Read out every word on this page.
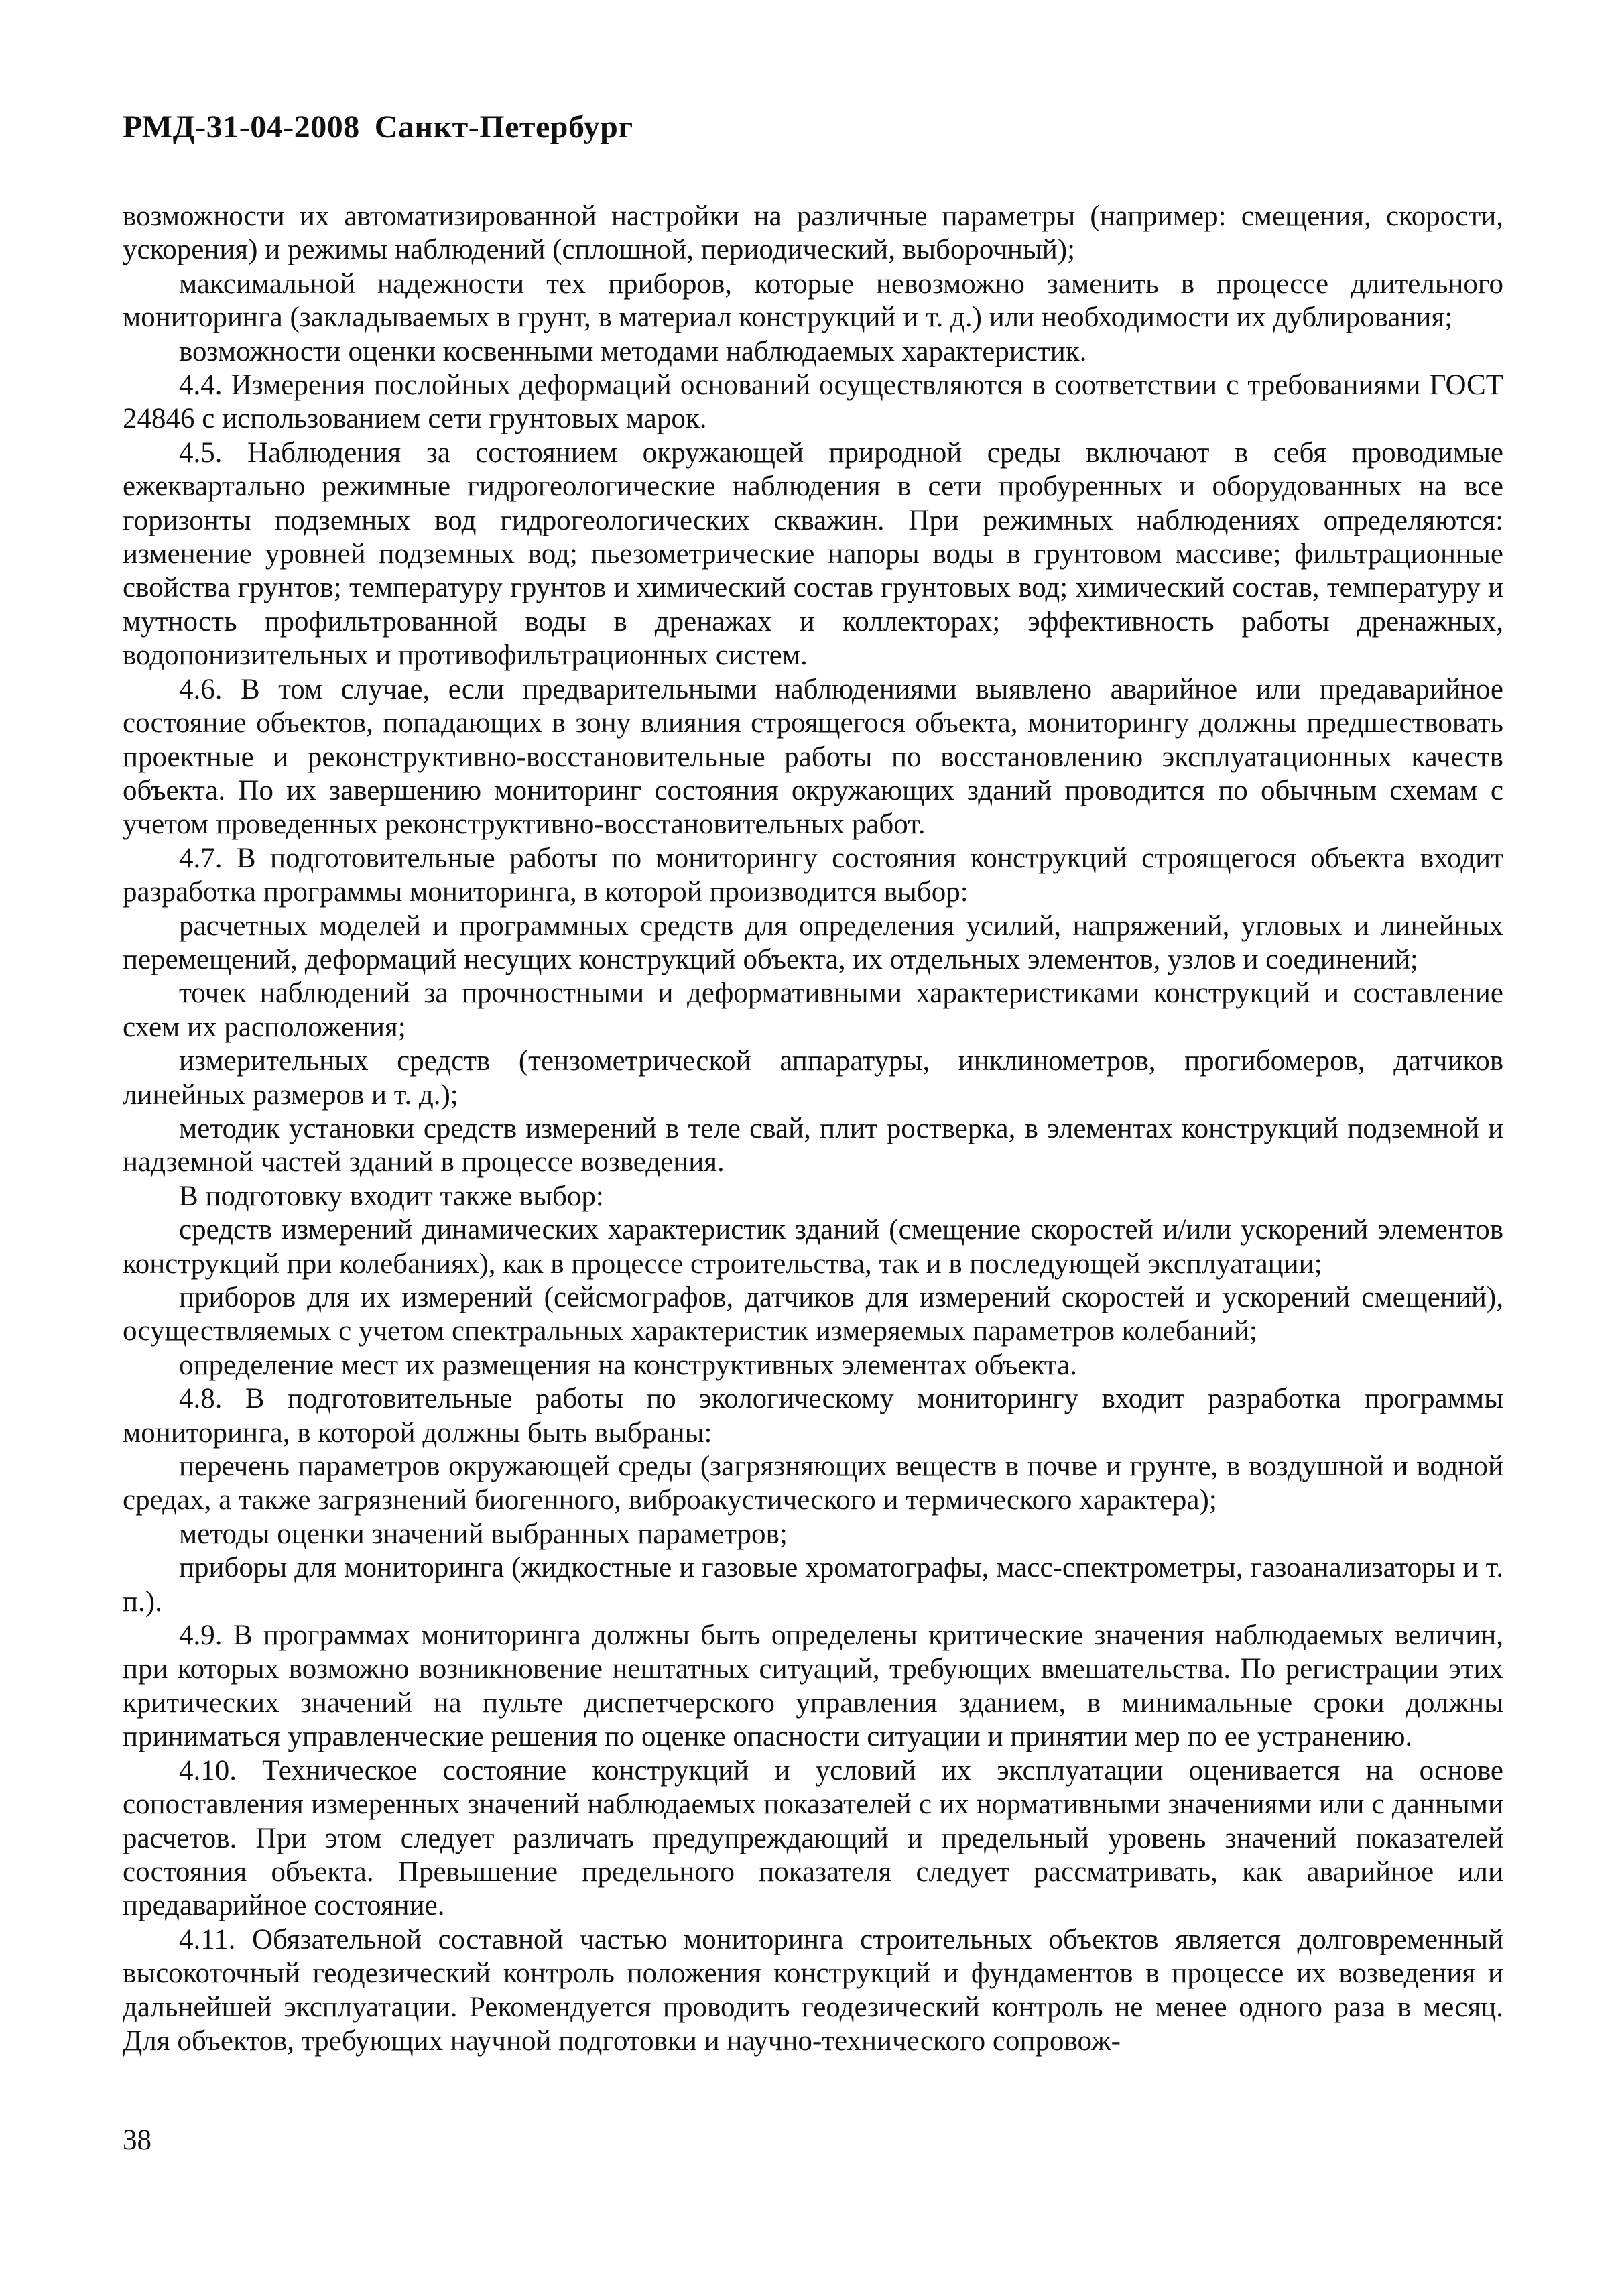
РМД-31-04-2008 Санкт-Петербург

возможности их автоматизированной настройки на различные параметры (например: смещения, скорости, ускорения) и режимы наблюдений (сплошной, периодический, выборочный);

максимальной надежности тех приборов, которые невозможно заменить в процессе длительного мониторинга (закладываемых в грунт, в материал конструкций и т. д.) или необходимости их дублирования;

возможности оценки косвенными методами наблюдаемых характеристик.

4.4. Измерения послойных деформаций оснований осуществляются в соответствии с требованиями ГОСТ 24846 с использованием сети грунтовых марок.

4.5. Наблюдения за состоянием окружающей природной среды включают в себя проводимые ежеквартально режимные гидрогеологические наблюдения в сети пробуренных и оборудованных на все горизонты подземных вод гидрогеологических скважин. При режимных наблюдениях определяются: изменение уровней подземных вод; пьезометрические напоры воды в грунтовом массиве; фильтрационные свойства грунтов; температуру грунтов и химический состав грунтовых вод; химический состав, температуру и мутность профильтрованной воды в дренажах и коллекторах; эффективность работы дренажных, водопонизительных и противофильтрационных систем.

4.6. В том случае, если предварительными наблюдениями выявлено аварийное или предаварийное состояние объектов, попадающих в зону влияния строящегося объекта, мониторингу должны предшествовать проектные и реконструктивно-восстановительные работы по восстановлению эксплуатационных качеств объекта. По их завершению мониторинг состояния окружающих зданий проводится по обычным схемам с учетом проведенных реконструктивно-восстановительных работ.

4.7. В подготовительные работы по мониторингу состояния конструкций строящегося объекта входит разработка программы мониторинга, в которой производится выбор:

расчетных моделей и программных средств для определения усилий, напряжений, угловых и линейных перемещений, деформаций несущих конструкций объекта, их отдельных элементов, узлов и соединений;

точек наблюдений за прочностными и деформативными характеристиками конструкций и составление схем их расположения;

измерительных средств (тензометрической аппаратуры, инклинометров, прогибомеров, датчиков линейных размеров и т. д.);

методик установки средств измерений в теле свай, плит ростверка, в элементах конструкций подземной и надземной частей зданий в процессе возведения.

В подготовку входит также выбор:

средств измерений динамических характеристик зданий (смещение скоростей и/или ускорений элементов конструкций при колебаниях), как в процессе строительства, так и в последующей эксплуатации;

приборов для их измерений (сейсмографов, датчиков для измерений скоростей и ускорений смещений), осуществляемых с учетом спектральных характеристик измеряемых параметров колебаний;

определение мест их размещения на конструктивных элементах объекта.

4.8. В подготовительные работы по экологическому мониторингу входит разработка программы мониторинга, в которой должны быть выбраны:

перечень параметров окружающей среды (загрязняющих веществ в почве и грунте, в воздушной и водной средах, а также загрязнений биогенного, виброакустического и термического характера);

методы оценки значений выбранных параметров;

приборы для мониторинга (жидкостные и газовые хроматографы, масс-спектрометры, газоанализаторы и т. п.).

4.9. В программах мониторинга должны быть определены критические значения наблюдаемых величин, при которых возможно возникновение нештатных ситуаций, требующих вмешательства. По регистрации этих критических значений на пульте диспетчерского управления зданием, в минимальные сроки должны приниматься управленческие решения по оценке опасности ситуации и принятии мер по ее устранению.

4.10. Техническое состояние конструкций и условий их эксплуатации оценивается на основе сопоставления измеренных значений наблюдаемых показателей с их нормативными значениями или с данными расчетов. При этом следует различать предупреждающий и предельный уровень значений показателей состояния объекта. Превышение предельного показателя следует рассматривать, как аварийное или предаварийное состояние.

4.11. Обязательной составной частью мониторинга строительных объектов является долговременный высокоточный геодезический контроль положения конструкций и фундаментов в процессе их возведения и дальнейшей эксплуатации. Рекомендуется проводить геодезический контроль не менее одного раза в месяц. Для объектов, требующих научной подготовки и научно-технического сопровож-

38
